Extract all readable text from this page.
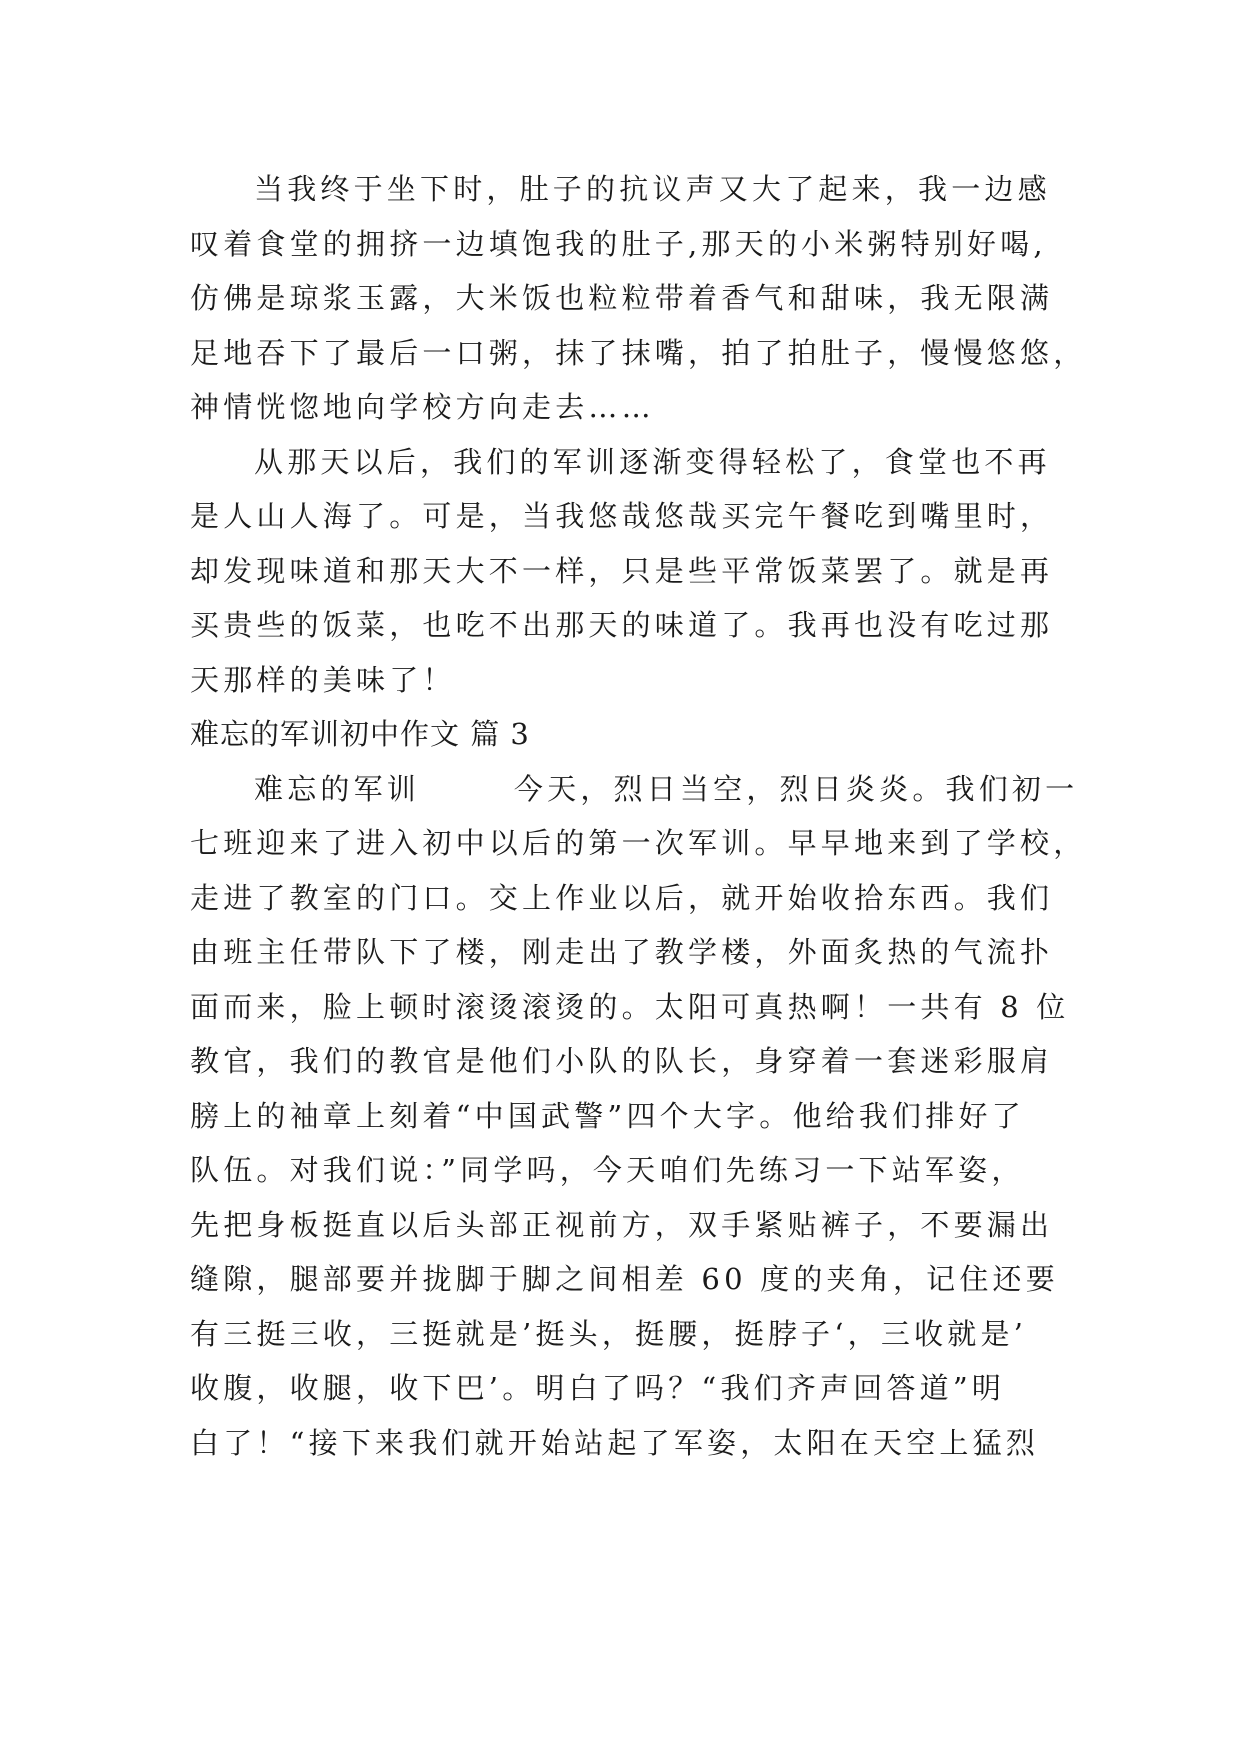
当我终于坐下时，肚子的抗议声又大了起来，我一边感
叹着食堂的拥挤一边填饱我的肚子,那天的小米粥特别好喝,
仿佛是琼浆玉露，大米饭也粒粒带着香气和甜味，我无限满
足地吞下了最后一口粥，抹了抹嘴，拍了拍肚子，慢慢悠悠，
神情恍惚地向学校方向走去……
从那天以后，我们的军训逐渐变得轻松了，食堂也不再
是人山人海了。可是，当我悠哉悠哉买完午餐吃到嘴里时，
却发现味道和那天大不一样，只是些平常饭菜罢了。就是再
买贵些的饭菜，也吃不出那天的味道了。我再也没有吃过那
天那样的美味了！
难忘的军训初中作文 篇 3
难忘的军训       今天，烈日当空，烈日炎炎。我们初一
七班迎来了进入初中以后的第一次军训。早早地来到了学校，
走进了教室的门口。交上作业以后，就开始收拾东西。我们
由班主任带队下了楼，刚走出了教学楼，外面炙热的气流扑
面而来，脸上顿时滚烫滚烫的。太阳可真热啊！一共有 8 位
教官，我们的教官是他们小队的队长，身穿着一套迷彩服肩
膀上的袖章上刻着“中国武警”四个大字。他给我们排好了
队伍。对我们说：”同学吗，今天咱们先练习一下站军姿，
先把身板挺直以后头部正视前方，双手紧贴裤子，不要漏出
缝隙，腿部要并拢脚于脚之间相差 60 度的夹角，记住还要
有三挺三收，三挺就是’挺头，挺腰，挺脖子‘，三收就是’
收腹，收腿，收下巴’。明白了吗？“我们齐声回答道”明
白了！“接下来我们就开始站起了军姿，太阳在天空上猛烈
